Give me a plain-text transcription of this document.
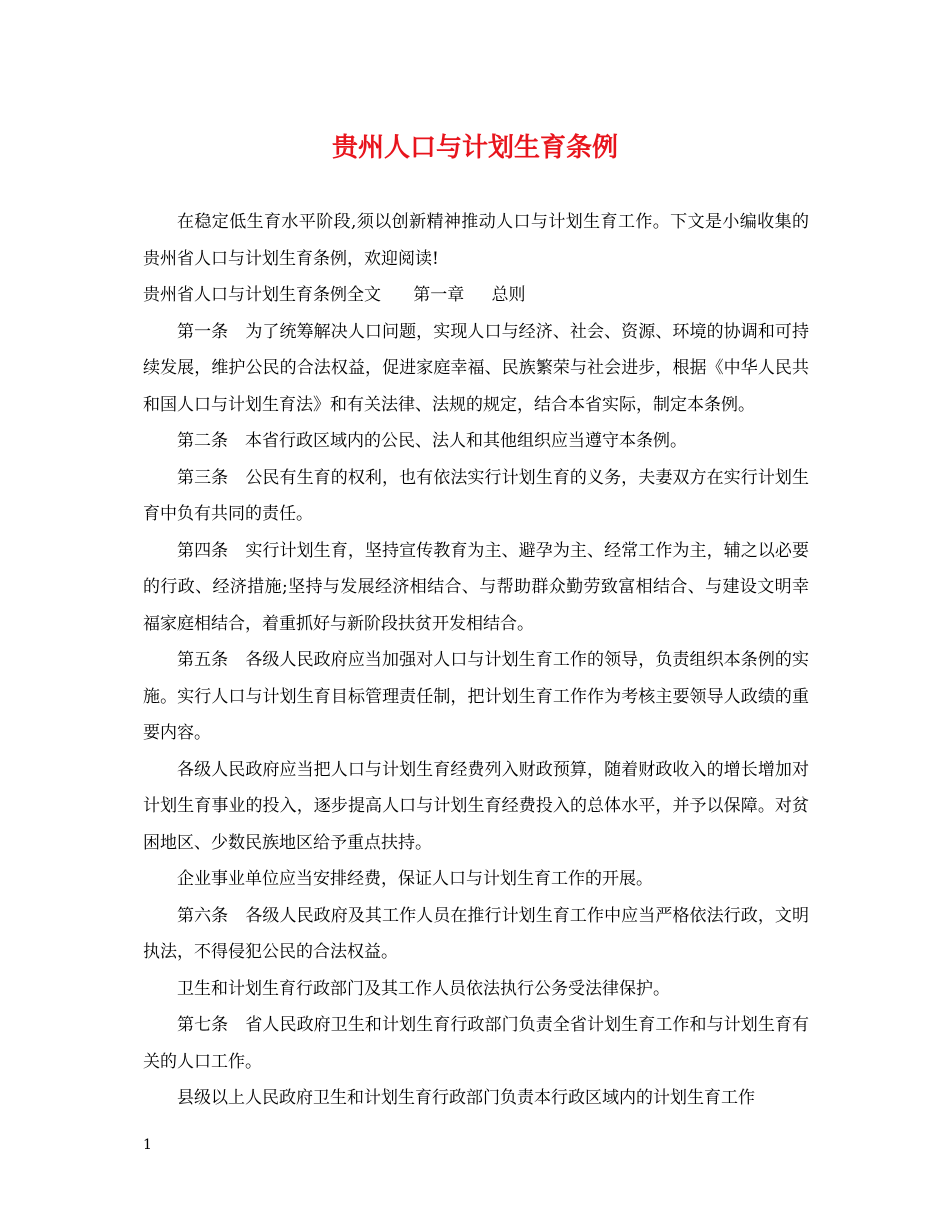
贵州人口与计划生育条例

在稳定低生育水平阶段,须以创新精神推动人口与计划生育工作。下文是小编收集的贵州省人口与计划生育条例，欢迎阅读!

贵州省人口与计划生育条例全文 第一章 总则

第一条　为了统筹解决人口问题，实现人口与经济、社会、资源、环境的协调和可持续发展，维护公民的合法权益，促进家庭幸福、民族繁荣与社会进步，根据《中华人民共和国人口与计划生育法》和有关法律、法规的规定，结合本省实际，制定本条例。

第二条　本省行政区域内的公民、法人和其他组织应当遵守本条例。

第三条　公民有生育的权利，也有依法实行计划生育的义务，夫妻双方在实行计划生育中负有共同的责任。

第四条　实行计划生育，坚持宣传教育为主、避孕为主、经常工作为主，辅之以必要的行政、经济措施;坚持与发展经济相结合、与帮助群众勤劳致富相结合、与建设文明幸福家庭相结合，着重抓好与新阶段扶贫开发相结合。

第五条　各级人民政府应当加强对人口与计划生育工作的领导，负责组织本条例的实施。实行人口与计划生育目标管理责任制，把计划生育工作作为考核主要领导人政绩的重要内容。

各级人民政府应当把人口与计划生育经费列入财政预算，随着财政收入的增长增加对计划生育事业的投入，逐步提高人口与计划生育经费投入的总体水平，并予以保障。对贫困地区、少数民族地区给予重点扶持。

企业事业单位应当安排经费，保证人口与计划生育工作的开展。

第六条　各级人民政府及其工作人员在推行计划生育工作中应当严格依法行政，文明执法，不得侵犯公民的合法权益。

卫生和计划生育行政部门及其工作人员依法执行公务受法律保护。

第七条　省人民政府卫生和计划生育行政部门负责全省计划生育工作和与计划生育有关的人口工作。

县级以上人民政府卫生和计划生育行政部门负责本行政区域内的计划生育工作

1
